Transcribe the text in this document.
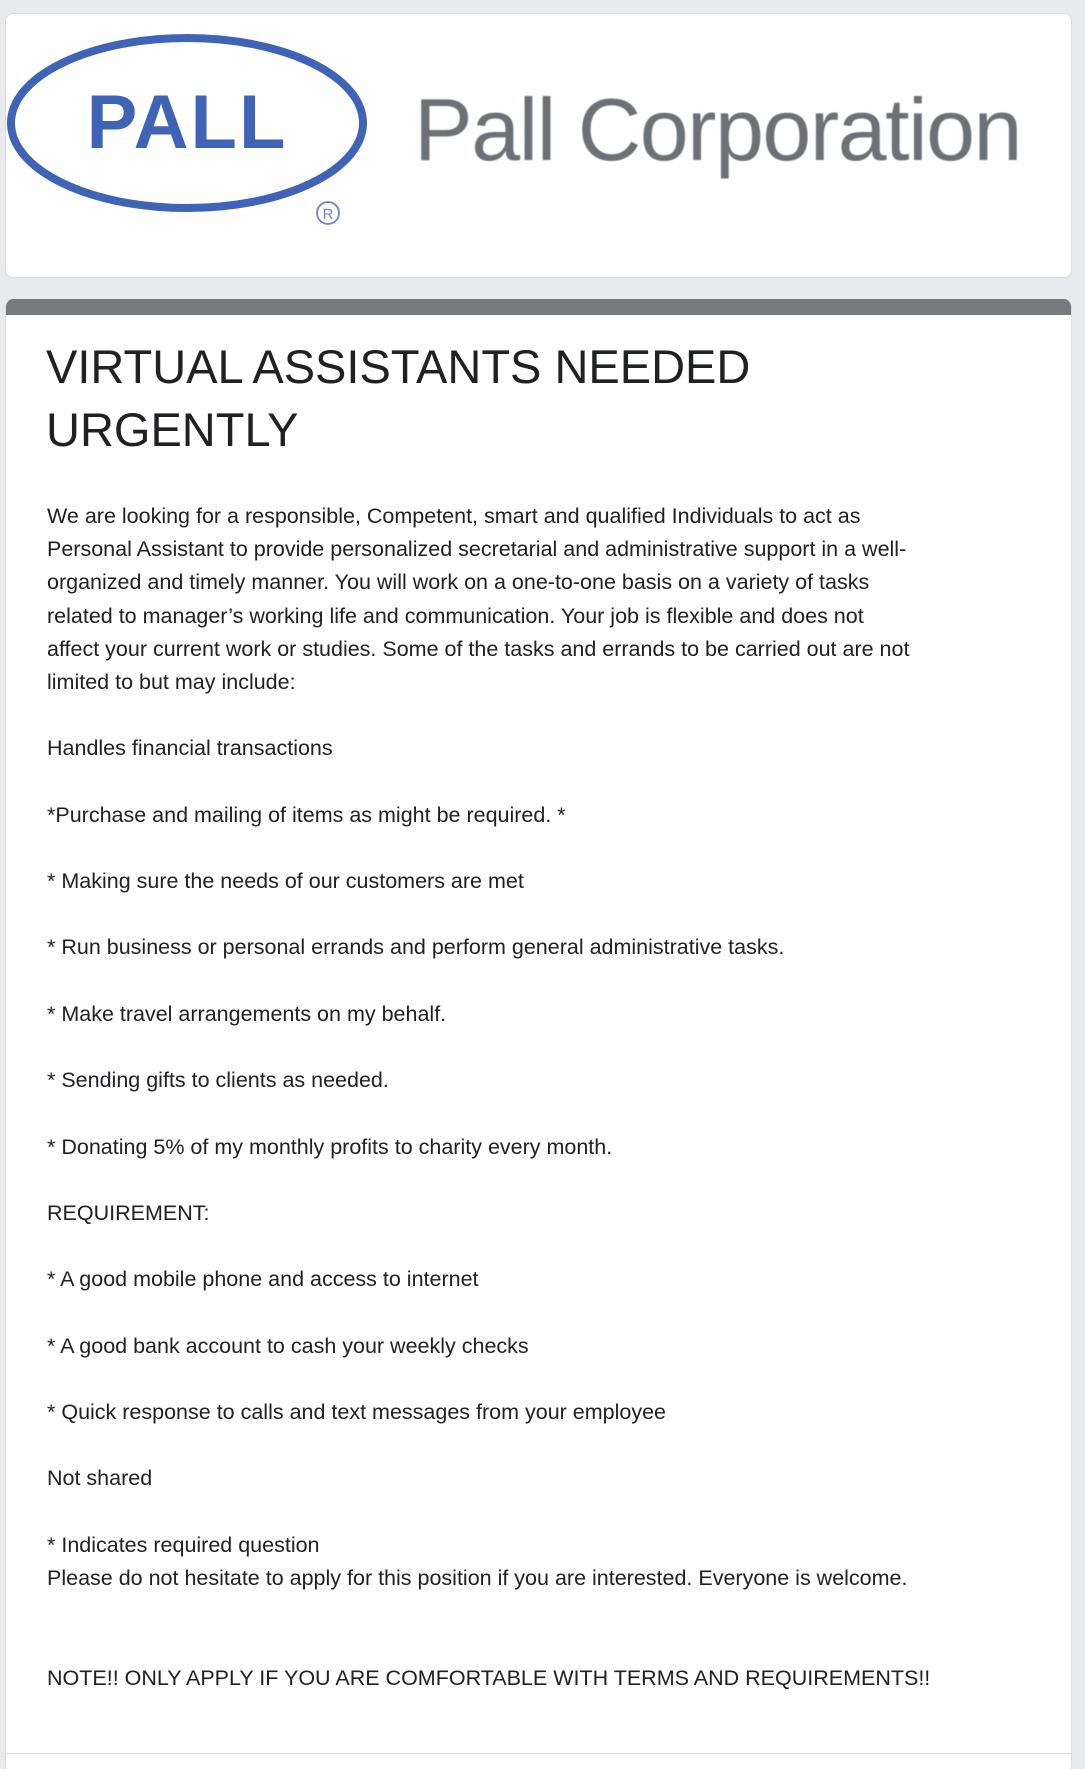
PALL
R
Pall Corporation
VIRTUAL ASSISTANTS NEEDED URGENTLY
We are looking for a responsible, Competent, smart and qualified Individuals to act as
Personal Assistant to provide personalized secretarial and administrative support in a well-
organized and timely manner. You will work on a one-to-one basis on a variety of tasks
related to manager’s working life and communication. Your job is flexible and does not
affect your current work or studies. Some of the tasks and errands to be carried out are not
limited to but may include:
Handles financial transactions
*Purchase and mailing of items as might be required. *
* Making sure the needs of our customers are met
* Run business or personal errands and perform general administrative tasks.
* Make travel arrangements on my behalf.
* Sending gifts to clients as needed.
* Donating 5% of my monthly profits to charity every month.
REQUIREMENT:
* A good mobile phone and access to internet
* A good bank account to cash your weekly checks
* Quick response to calls and text messages from your employee
Not shared
* Indicates required question
Please do not hesitate to apply for this position if you are interested. Everyone is welcome.
NOTE!! ONLY APPLY IF YOU ARE COMFORTABLE WITH TERMS AND REQUIREMENTS!!
